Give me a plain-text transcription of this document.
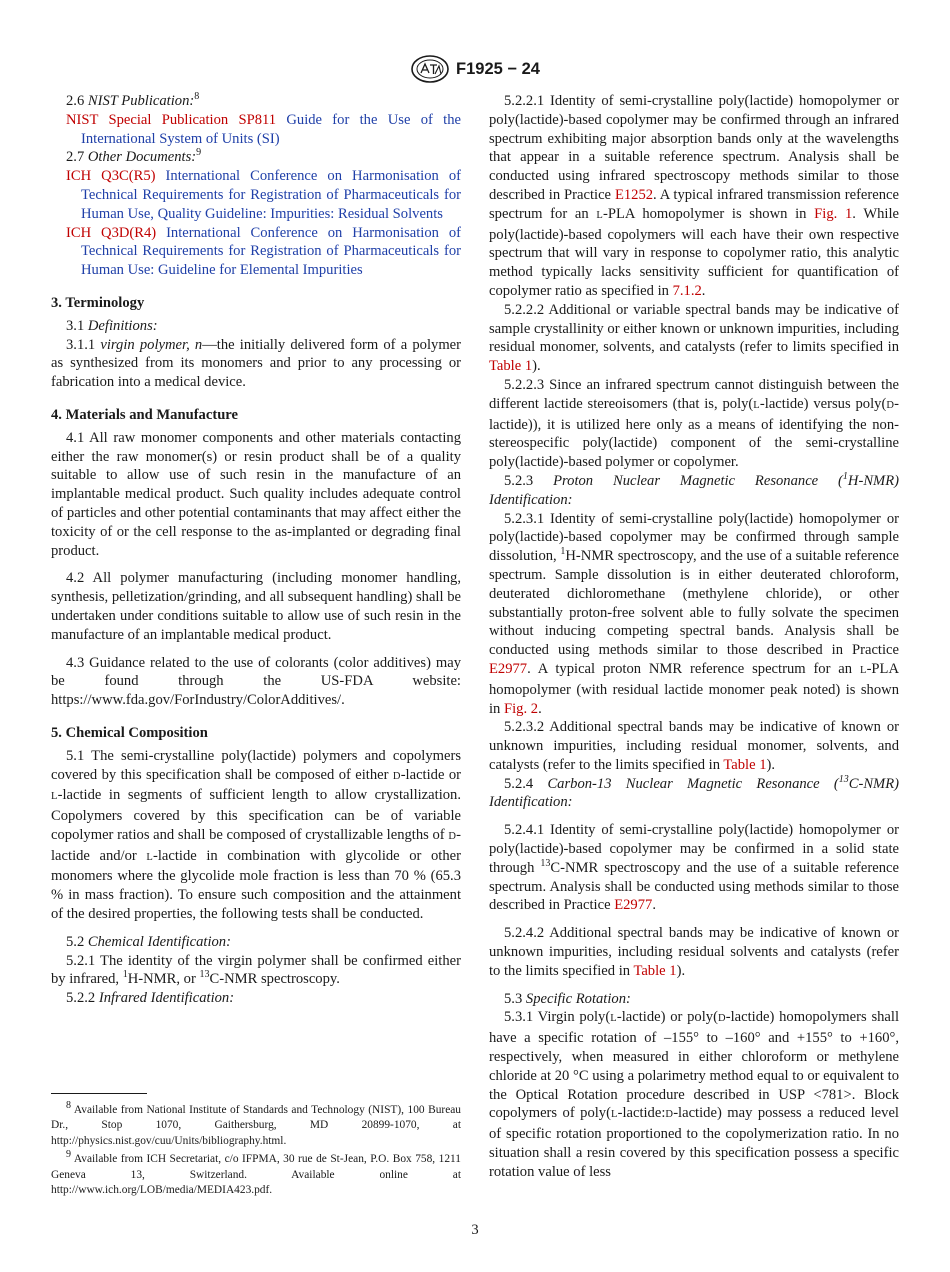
F1925 − 24

2.6 NIST Publication:$^8$

NIST Special Publication SP811 Guide for the Use of the International System of Units (SI)

2.7 Other Documents:$^9$

ICH Q3C(R5) International Conference on Harmonisation of Technical Requirements for Registration of Pharmaceuticals for Human Use, Quality Guideline: Impurities: Residual Solvents

ICH Q3D(R4) International Conference on Harmonisation of Technical Requirements for Registration of Pharmaceuticals for Human Use: Guideline for Elemental Impurities

3. Terminology

3.1 Definitions:

3.1.1 virgin polymer, n—the initially delivered form of a polymer as synthesized from its monomers and prior to any processing or fabrication into a medical device.

4. Materials and Manufacture

4.1 All raw monomer components and other materials contacting either the raw monomer(s) or resin product shall be of a quality suitable to allow use of such resin in the manufacture of an implantable medical product. Such quality includes adequate control of particles and other potential contaminants that may affect either the toxicity of or the cell response to the as-implanted or degrading final product.

4.2 All polymer manufacturing (including monomer handling, synthesis, pelletization/grinding, and all subsequent handling) shall be undertaken under conditions suitable to allow use of such resin in the manufacture of an implantable medical product.

4.3 Guidance related to the use of colorants (color additives) may be found through the US-FDA website: https://www.fda.gov/ForIndustry/ColorAdditives/.

5. Chemical Composition

5.1 The semi-crystalline poly(lactide) polymers and copolymers covered by this specification shall be composed of either D-lactide or L-lactide in segments of sufficient length to allow crystallization. Copolymers covered by this specification can be of variable copolymer ratios and shall be composed of crystallizable lengths of D-lactide and/or L-lactide in combination with glycolide or other monomers where the glycolide mole fraction is less than 70 % (65.3 % in mass fraction). To ensure such composition and the attainment of the desired properties, the following tests shall be conducted.

5.2 Chemical Identification:

5.2.1 The identity of the virgin polymer shall be confirmed either by infrared, $^1$H-NMR, or $^{13}$C-NMR spectroscopy.

5.2.2 Infrared Identification:

$^8$ Available from National Institute of Standards and Technology (NIST), 100 Bureau Dr., Stop 1070, Gaithersburg, MD 20899-1070, at http://physics.nist.gov/cuu/Units/bibliography.html.

$^9$ Available from ICH Secretariat, c/o IFPMA, 30 rue de St-Jean, P.O. Box 758, 1211 Geneva 13, Switzerland. Available online at http://www.ich.org/LOB/media/MEDIA423.pdf.

5.2.2.1 Identity of semi-crystalline poly(lactide) homopolymer or poly(lactide)-based copolymer may be confirmed through an infrared spectrum exhibiting major absorption bands only at the wavelengths that appear in a suitable reference spectrum. Analysis shall be conducted using infrared spectroscopy methods similar to those described in Practice E1252. A typical infrared transmission reference spectrum for an L-PLA homopolymer is shown in Fig. 1. While poly(lactide)-based copolymers will each have their own respective spectrum that will vary in response to copolymer ratio, this analytic method typically lacks sensitivity sufficient for quantification of copolymer ratio as specified in 7.1.2.

5.2.2.2 Additional or variable spectral bands may be indicative of sample crystallinity or either known or unknown impurities, including residual monomer, solvents, and catalysts (refer to limits specified in Table 1).

5.2.2.3 Since an infrared spectrum cannot distinguish between the different lactide stereoisomers (that is, poly(L-lactide) versus poly(D-lactide)), it is utilized here only as a means of identifying the non-stereospecific poly(lactide) component of the semi-crystalline poly(lactide)-based polymer or copolymer.

5.2.3 Proton Nuclear Magnetic Resonance ($^1$H-NMR) Identification:

5.2.3.1 Identity of semi-crystalline poly(lactide) homopolymer or poly(lactide)-based copolymer may be confirmed through sample dissolution, $^1$H-NMR spectroscopy, and the use of a suitable reference spectrum. Sample dissolution is in either deuterated chloroform, deuterated dichloromethane (methylene chloride), or other substantially proton-free solvent able to fully solvate the specimen without inducing competing spectral bands. Analysis shall be conducted using methods similar to those described in Practice E2977. A typical proton NMR reference spectrum for an L-PLA homopolymer (with residual lactide monomer peak noted) is shown in Fig. 2.

5.2.3.2 Additional spectral bands may be indicative of known or unknown impurities, including residual monomer, solvents, and catalysts (refer to the limits specified in Table 1).

5.2.4 Carbon-13 Nuclear Magnetic Resonance ($^{13}$C-NMR) Identification:

5.2.4.1 Identity of semi-crystalline poly(lactide) homopolymer or poly(lactide)-based copolymer may be confirmed in a solid state through $^{13}$C-NMR spectroscopy and the use of a suitable reference spectrum. Analysis shall be conducted using methods similar to those described in Practice E2977.

5.2.4.2 Additional spectral bands may be indicative of known or unknown impurities, including residual solvents and catalysts (refer to the limits specified in Table 1).

5.3 Specific Rotation:

5.3.1 Virgin poly(L-lactide) or poly(D-lactide) homopolymers shall have a specific rotation of –155° to –160° and +155° to +160°, respectively, when measured in either chloroform or methylene chloride at 20 °C using a polarimetry method equal to or equivalent to the Optical Rotation procedure described in USP <781>. Block copolymers of poly(L-lactide:D-lactide) may possess a reduced level of specific rotation proportioned to the copolymerization ratio. In no situation shall a resin covered by this specification possess a specific rotation value of less

3
